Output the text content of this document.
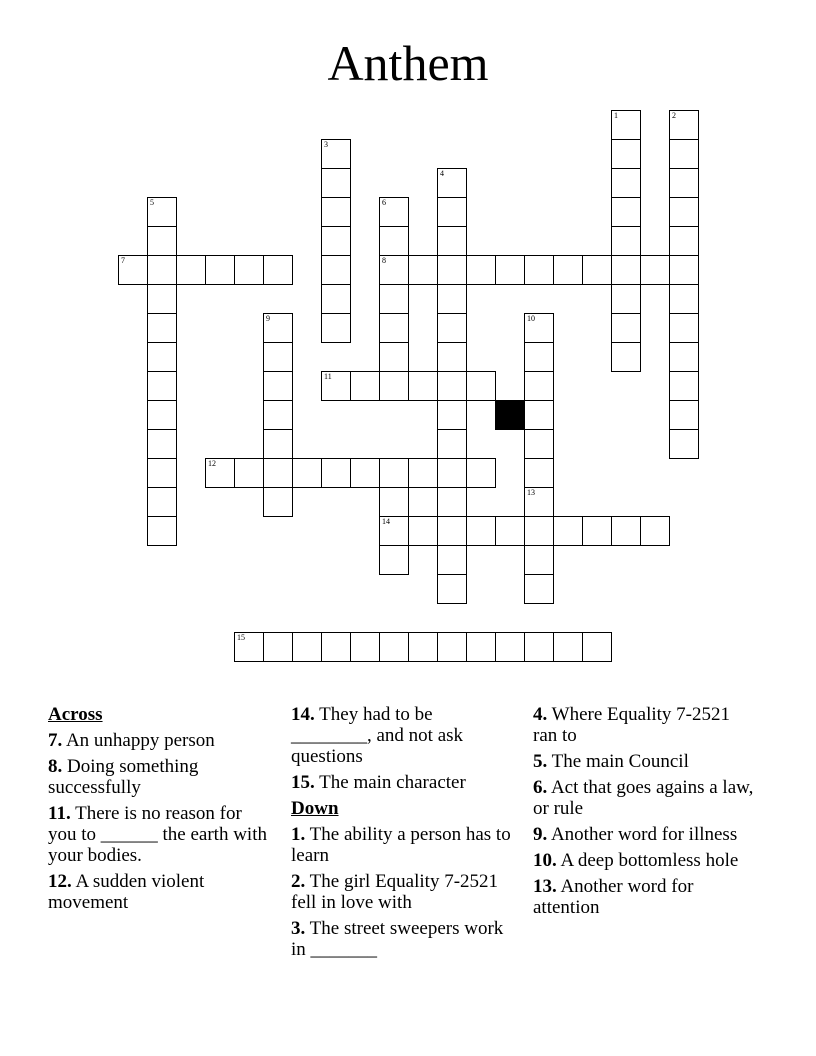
Anthem
1	2
3
4
5	6
8
7
9	10
11
12
13
14
15
Across
7. An unhappy person
8. Doing something successfully
11. There is no reason for you to ______ the earth with your bodies.
12. A sudden violent movement
14. They had to be ________, and not ask questions
15. The main character
Down
1. The ability a person has to learn
2. The girl Equality 7-2521 fell in love with
3. The street sweepers work in _______
4. Where Equality 7-2521 ran to
5. The main Council
6. Act that goes agains a law, or rule
9. Another word for illness
10. A deep bottomless hole
13. Another word for attention
